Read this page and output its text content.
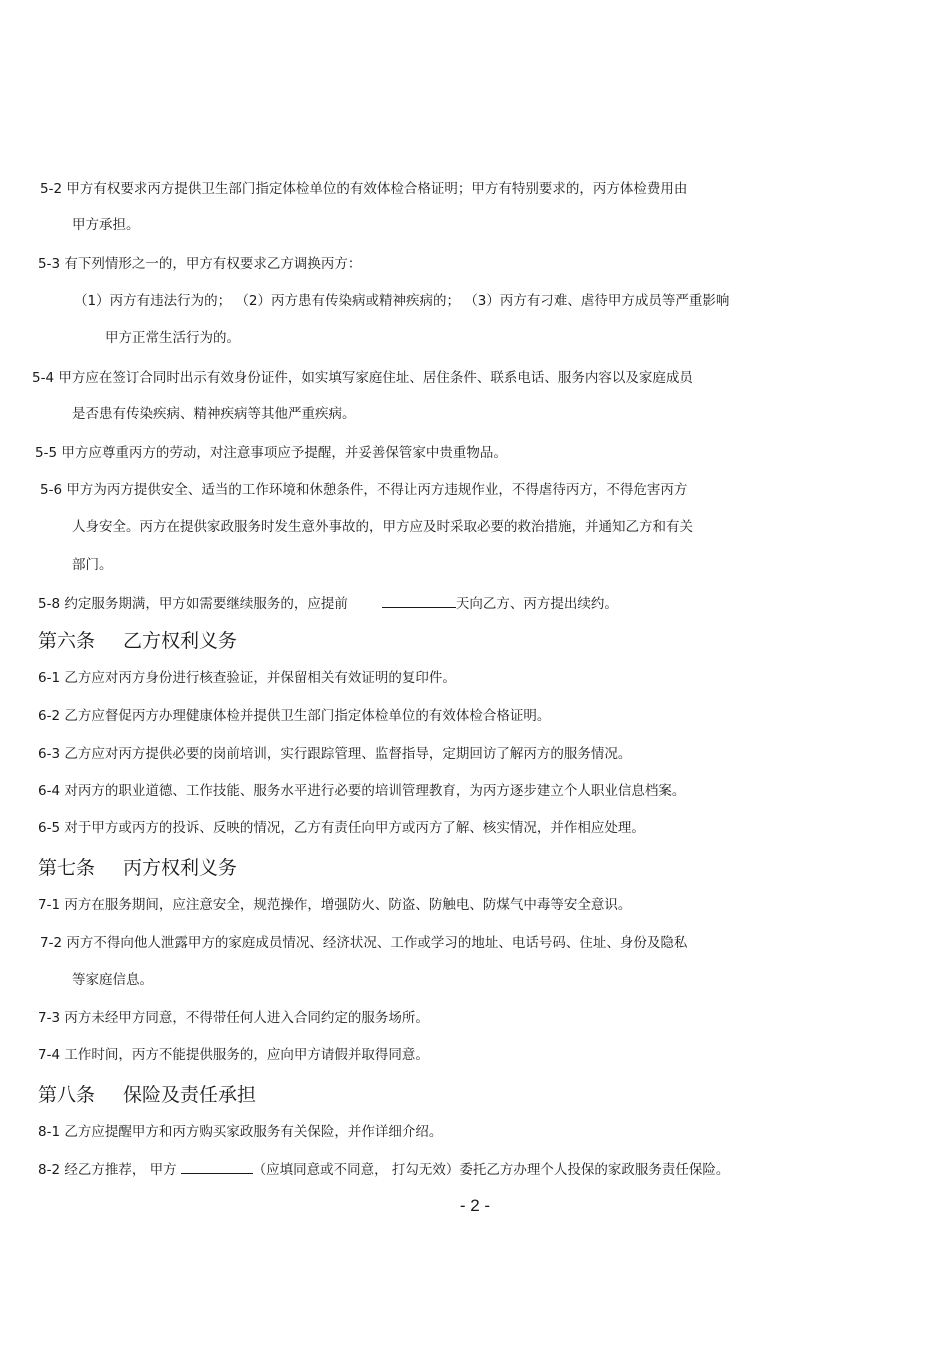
5-2 甲方有权要求丙方提供卫生部门指定体检单位的有效体检合格证明；甲方有特别要求的，丙方体检费用由
甲方承担。
5-3 有下列情形之一的，甲方有权要求乙方调换丙方：
（1）丙方有违法行为的； （2）丙方患有传染病或精神疾病的； （3）丙方有刁难、虐待甲方成员等严重影响
甲方正常生活行为的。
5-4 甲方应在签订合同时出示有效身份证件，如实填写家庭住址、居住条件、联系电话、服务内容以及家庭成员
是否患有传染疾病、精神疾病等其他严重疾病。
5-5 甲方应尊重丙方的劳动，对注意事项应予提醒，并妥善保管家中贵重物品。
5-6 甲方为丙方提供安全、适当的工作环境和休憩条件，不得让丙方违规作业，不得虐待丙方，不得危害丙方
人身安全。丙方在提供家政服务时发生意外事故的，甲方应及时采取必要的救治措施，并通知乙方和有关
部门。
5-8 约定服务期满，甲方如需要继续服务的，应提前	天向乙方、丙方提出续约。
第六条 乙方权利义务
6-1 乙方应对丙方身份进行核查验证，并保留相关有效证明的复印件。
6-2 乙方应督促丙方办理健康体检并提供卫生部门指定体检单位的有效体检合格证明。
6-3 乙方应对丙方提供必要的岗前培训，实行跟踪管理、监督指导，定期回访了解丙方的服务情况。
6-4 对丙方的职业道德、工作技能、服务水平进行必要的培训管理教育，为丙方逐步建立个人职业信息档案。
6-5 对于甲方或丙方的投诉、反映的情况，乙方有责任向甲方或丙方了解、核实情况，并作相应处理。
第七条 丙方权利义务
7-1 丙方在服务期间，应注意安全，规范操作，增强防火、防盗、防触电、防煤气中毒等安全意识。
7-2 丙方不得向他人泄露甲方的家庭成员情况、经济状况、工作或学习的地址、电话号码、住址、身份及隐私
等家庭信息。
7-3 丙方未经甲方同意，不得带任何人进入合同约定的服务场所。
7-4 工作时间，丙方不能提供服务的，应向甲方请假并取得同意。
第八条 保险及责任承担
8-1 乙方应提醒甲方和丙方购买家政服务有关保险，并作详细介绍。
8-2 经乙方推荐， 甲方	（应填同意或不同意， 打勾无效）委托乙方办理个人投保的家政服务责任保险。
- 2 -
